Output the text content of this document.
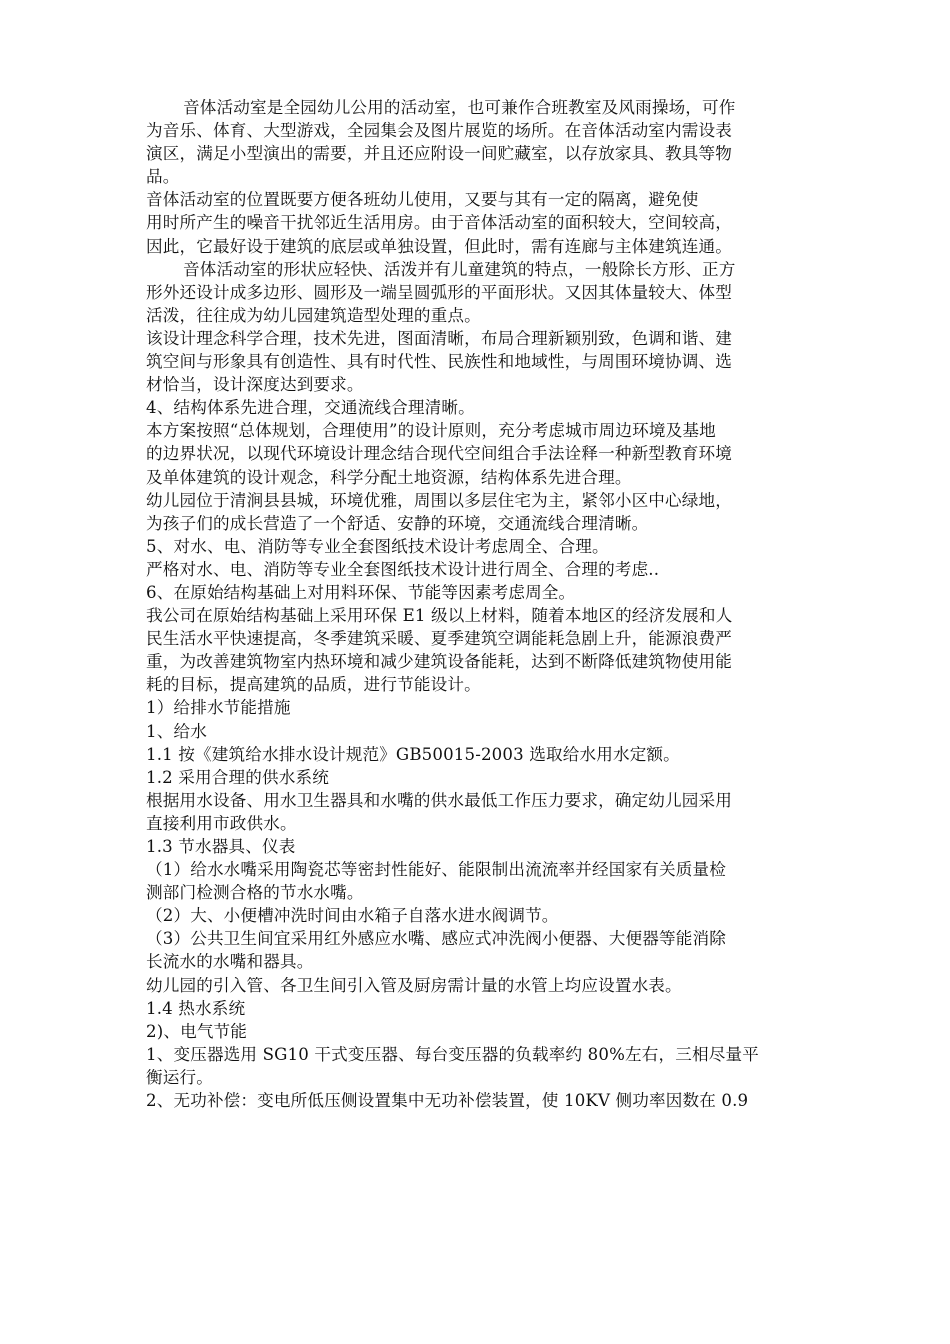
音体活动室是全园幼儿公用的活动室，也可兼作合班教室及风雨操场，可作
为音乐、体育、大型游戏，全园集会及图片展览的场所。在音体活动室内需设表
演区，满足小型演出的需要，并且还应附设一间贮藏室，以存放家具、教具等物
品。
音体活动室的位置既要方便各班幼儿使用，又要与其有一定的隔离，避免使
用时所产生的噪音干扰邻近生活用房。由于音体活动室的面积较大，空间较高，
因此，它最好设于建筑的底层或单独设置，但此时，需有连廊与主体建筑连通。
音体活动室的形状应轻快、活泼并有儿童建筑的特点，一般除长方形、正方
形外还设计成多边形、圆形及一端呈圆弧形的平面形状。又因其体量较大、体型
活泼，往往成为幼儿园建筑造型处理的重点。
该设计理念科学合理，技术先进，图面清晰，布局合理新颖别致，色调和谐、建
筑空间与形象具有创造性、具有时代性、民族性和地域性，与周围环境协调、选
材恰当，设计深度达到要求。
4、结构体系先进合理，交通流线合理清晰。
本方案按照“总体规划，合理使用”的设计原则，充分考虑城市周边环境及基地
的边界状况，以现代环境设计理念结合现代空间组合手法诠释一种新型教育环境
及单体建筑的设计观念，科学分配土地资源，结构体系先进合理。
幼儿园位于清涧县县城，环境优雅，周围以多层住宅为主，紧邻小区中心绿地，
为孩子们的成长营造了一个舒适、安静的环境，交通流线合理清晰。
5、对水、电、消防等专业全套图纸技术设计考虑周全、合理。
严格对水、电、消防等专业全套图纸技术设计进行周全、合理的考虑..
6、在原始结构基础上对用料环保、节能等因素考虑周全。
我公司在原始结构基础上采用环保 E1 级以上材料，随着本地区的经济发展和人
民生活水平快速提高，冬季建筑采暖、夏季建筑空调能耗急剧上升，能源浪费严
重，为改善建筑物室内热环境和减少建筑设备能耗，达到不断降低建筑物使用能
耗的目标，提高建筑的品质，进行节能设计。
1）给排水节能措施
1、给水
1.1 按《建筑给水排水设计规范》GB50015-2003 选取给水用水定额。
1.2 采用合理的供水系统
根据用水设备、用水卫生器具和水嘴的供水最低工作压力要求，确定幼儿园采用
直接利用市政供水。
1.3 节水器具、仪表
（1）给水水嘴采用陶瓷芯等密封性能好、能限制出流流率并经国家有关质量检
测部门检测合格的节水水嘴。
（2）大、小便槽冲洗时间由水箱子自落水进水阀调节。
（3）公共卫生间宜采用红外感应水嘴、感应式冲洗阀小便器、大便器等能消除
长流水的水嘴和器具。
幼儿园的引入管、各卫生间引入管及厨房需计量的水管上均应设置水表。
1.4 热水系统
2)、电气节能
1、变压器选用 SG10 干式变压器、每台变压器的负载率约 80%左右，三相尽量平
衡运行。
2、无功补偿：变电所低压侧设置集中无功补偿装置，使 10KV 侧功率因数在 0.9
